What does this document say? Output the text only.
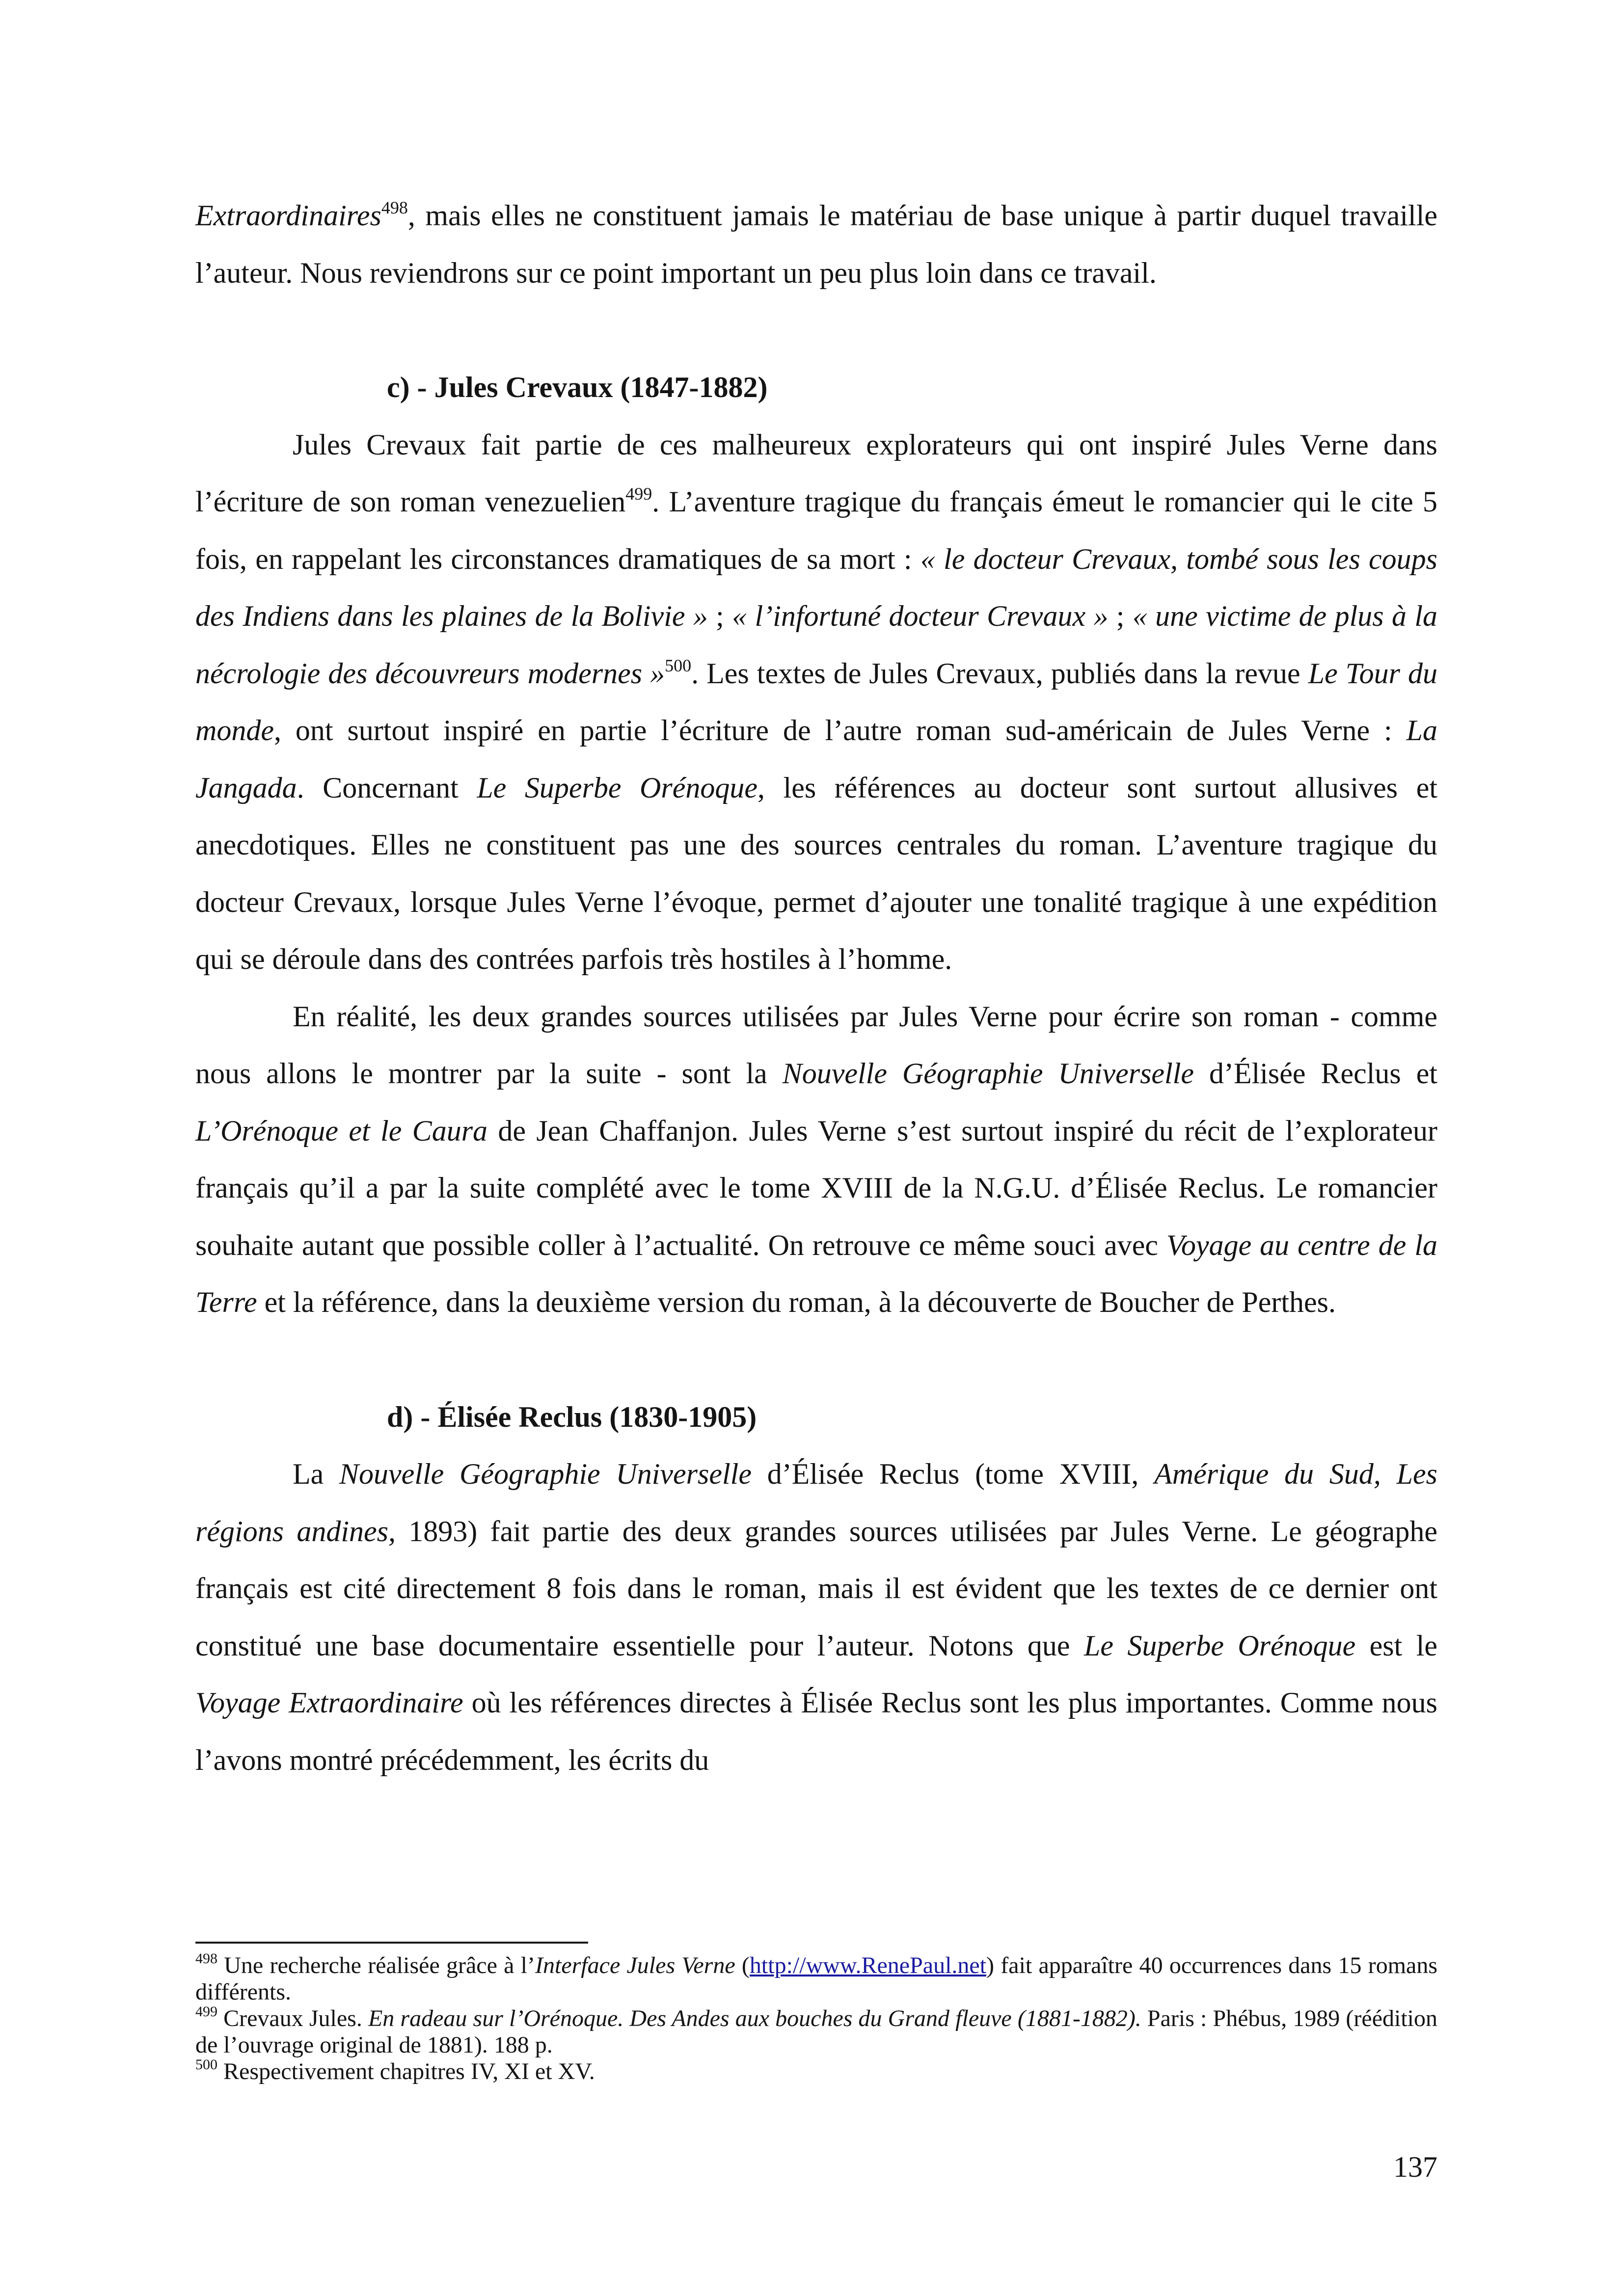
Extraordinaires$^{498}$, mais elles ne constituent jamais le matériau de base unique à partir duquel travaille l’auteur. Nous reviendrons sur ce point important un peu plus loin dans ce travail.

c) - Jules Crevaux (1847-1882)

Jules Crevaux fait partie de ces malheureux explorateurs qui ont inspiré Jules Verne dans l’écriture de son roman venezuelien$^{499}$. L’aventure tragique du français émeut le romancier qui le cite 5 fois, en rappelant les circonstances dramatiques de sa mort : « le docteur Crevaux, tombé sous les coups des Indiens dans les plaines de la Bolivie » ; « l’infortuné docteur Crevaux » ; « une victime de plus à la nécrologie des découvreurs modernes »$^{500}$. Les textes de Jules Crevaux, publiés dans la revue Le Tour du monde, ont surtout inspiré en partie l’écriture de l’autre roman sud-américain de Jules Verne : La Jangada. Concernant Le Superbe Orénoque, les références au docteur sont surtout allusives et anecdotiques. Elles ne constituent pas une des sources centrales du roman. L’aventure tragique du docteur Crevaux, lorsque Jules Verne l’évoque, permet d’ajouter une tonalité tragique à une expédition qui se déroule dans des contrées parfois très hostiles à l’homme.

En réalité, les deux grandes sources utilisées par Jules Verne pour écrire son roman - comme nous allons le montrer par la suite - sont la Nouvelle Géographie Universelle d’Élisée Reclus et L’Orénoque et le Caura de Jean Chaffanjon. Jules Verne s’est surtout inspiré du récit de l’explorateur français qu’il a par la suite complété avec le tome XVIII de la N.G.U. d’Élisée Reclus. Le romancier souhaite autant que possible coller à l’actualité. On retrouve ce même souci avec Voyage au centre de la Terre et la référence, dans la deuxième version du roman, à la découverte de Boucher de Perthes.

d) - Élisée Reclus (1830-1905)

La Nouvelle Géographie Universelle d’Élisée Reclus (tome XVIII, Amérique du Sud, Les régions andines, 1893) fait partie des deux grandes sources utilisées par Jules Verne. Le géographe français est cité directement 8 fois dans le roman, mais il est évident que les textes de ce dernier ont constitué une base documentaire essentielle pour l’auteur. Notons que Le Superbe Orénoque est le Voyage Extraordinaire où les références directes à Élisée Reclus sont les plus importantes. Comme nous l’avons montré précédemment, les écrits du

$^{498}$ Une recherche réalisée grâce à l’Interface Jules Verne (http://www.RenePaul.net) fait apparaître 40 occurrences dans 15 romans différents.

$^{499}$ Crevaux Jules. En radeau sur l’Orénoque. Des Andes aux bouches du Grand fleuve (1881-1882). Paris : Phébus, 1989 (réédition de l’ouvrage original de 1881). 188 p.

$^{500}$ Respectivement chapitres IV, XI et XV.

137
